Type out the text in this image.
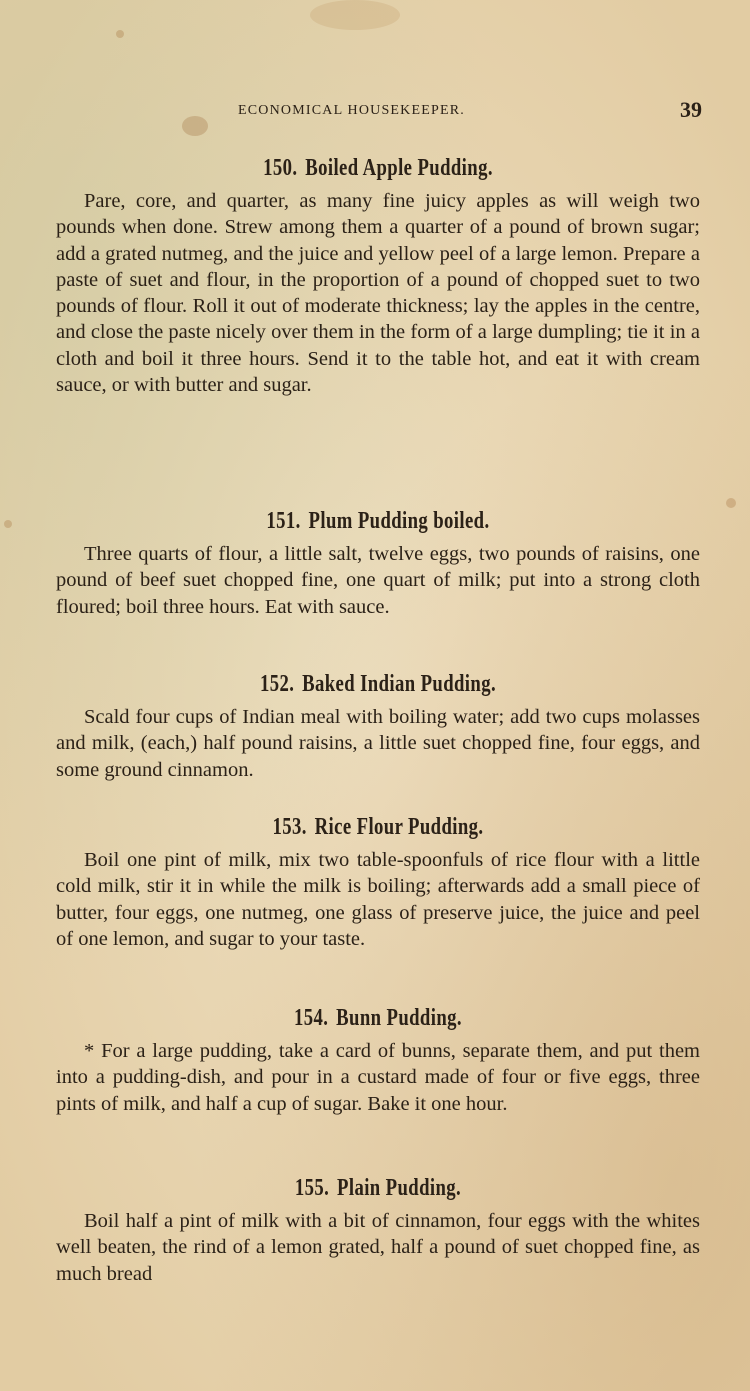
ECONOMICAL HOUSEKEEPER.	39
150. Boiled Apple Pudding.

Pare, core, and quarter, as many fine juicy apples as will weigh two pounds when done. Strew among them a quarter of a pound of brown sugar; add a grated nutmeg, and the juice and yellow peel of a large lemon. Prepare a paste of suet and flour, in the proportion of a pound of chopped suet to two pounds of flour. Roll it out of moderate thickness; lay the apples in the centre, and close the paste nicely over them in the form of a large dumpling; tie it in a cloth and boil it three hours. Send it to the table hot, and eat it with cream sauce, or with butter and sugar.

151. Plum Pudding boiled.

Three quarts of flour, a little salt, twelve eggs, two pounds of raisins, one pound of beef suet chopped fine, one quart of milk; put into a strong cloth floured; boil three hours. Eat with sauce.

152. Baked Indian Pudding.

Scald four cups of Indian meal with boiling water; add two cups molasses and milk, (each,) half pound raisins, a little suet chopped fine, four eggs, and some ground cinnamon.

153. Rice Flour Pudding.

Boil one pint of milk, mix two table-spoonfuls of rice flour with a little cold milk, stir it in while the milk is boiling; afterwards add a small piece of butter, four eggs, one nutmeg, one glass of preserve juice, the juice and peel of one lemon, and sugar to your taste.

154. Bunn Pudding.

* For a large pudding, take a card of bunns, separate them, and put them into a pudding-dish, and pour in a custard made of four or five eggs, three pints of milk, and half a cup of sugar. Bake it one hour.

155. Plain Pudding.

Boil half a pint of milk with a bit of cinnamon, four eggs with the whites well beaten, the rind of a lemon grated, half a pound of suet chopped fine, as much bread
